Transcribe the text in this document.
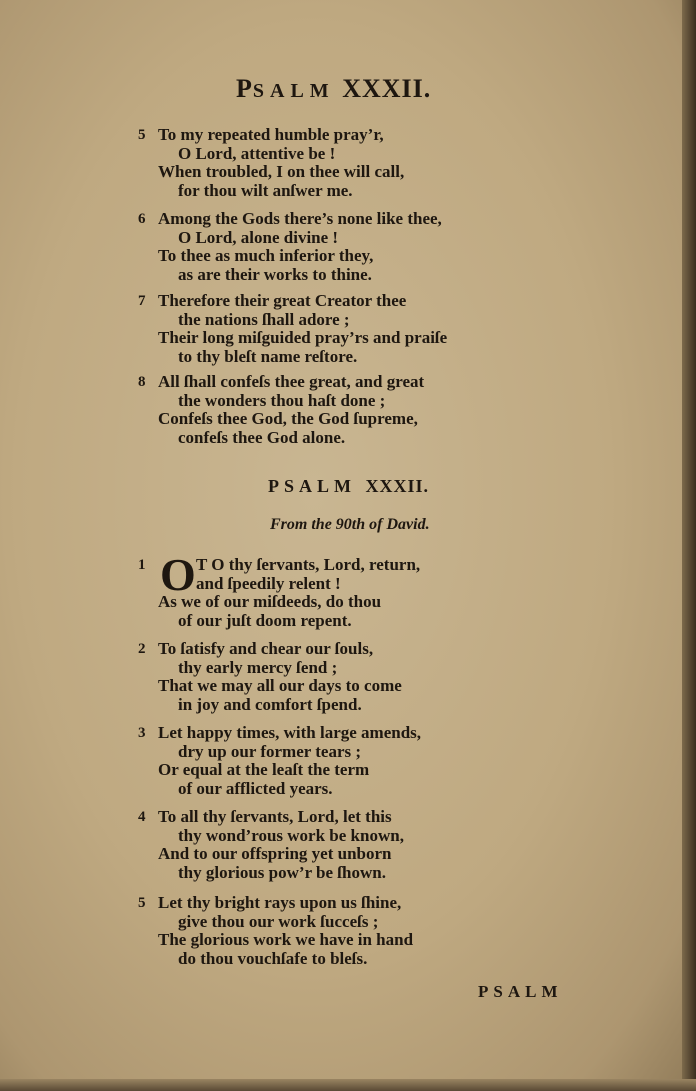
PSALM XXXII.
5 To my repeated humble pray’r,
O Lord, attentive be !
When troubled, I on thee will call,
for thou wilt anſwer me.
6 Among the Gods there’s none like thee,
O Lord, alone divine !
To thee as much inferior they,
as are their works to thine.
7 Therefore their great Creator thee
the nations ſhall adore ;
Their long miſguided pray’rs and praiſe
to thy bleſt name reſtore.
8 All ſhall confeſs thee great, and great
the wonders thou haſt done ;
Confeſs thee God, the God ſupreme,
confeſs thee God alone.
PSALM XXXII.
From the 90th of David.
O
1	T O thy ſervants, Lord, return,
and ſpeedily relent !
As we of our miſdeeds, do thou
of our juſt doom repent.
2 To ſatisfy and chear our ſouls,
thy early mercy ſend ;
That we may all our days to come
in joy and comfort ſpend.
3 Let happy times, with large amends,
dry up our former tears ;
Or equal at the leaſt the term
of our afflicted years.
4 To all thy ſervants, Lord, let this
thy wond’rous work be known,
And to our offspring yet unborn
thy glorious pow’r be ſhown.
5 Let thy bright rays upon us ſhine,
give thou our work ſucceſs ;
The glorious work we have in hand
do thou vouchſafe to bleſs.
PSALM
